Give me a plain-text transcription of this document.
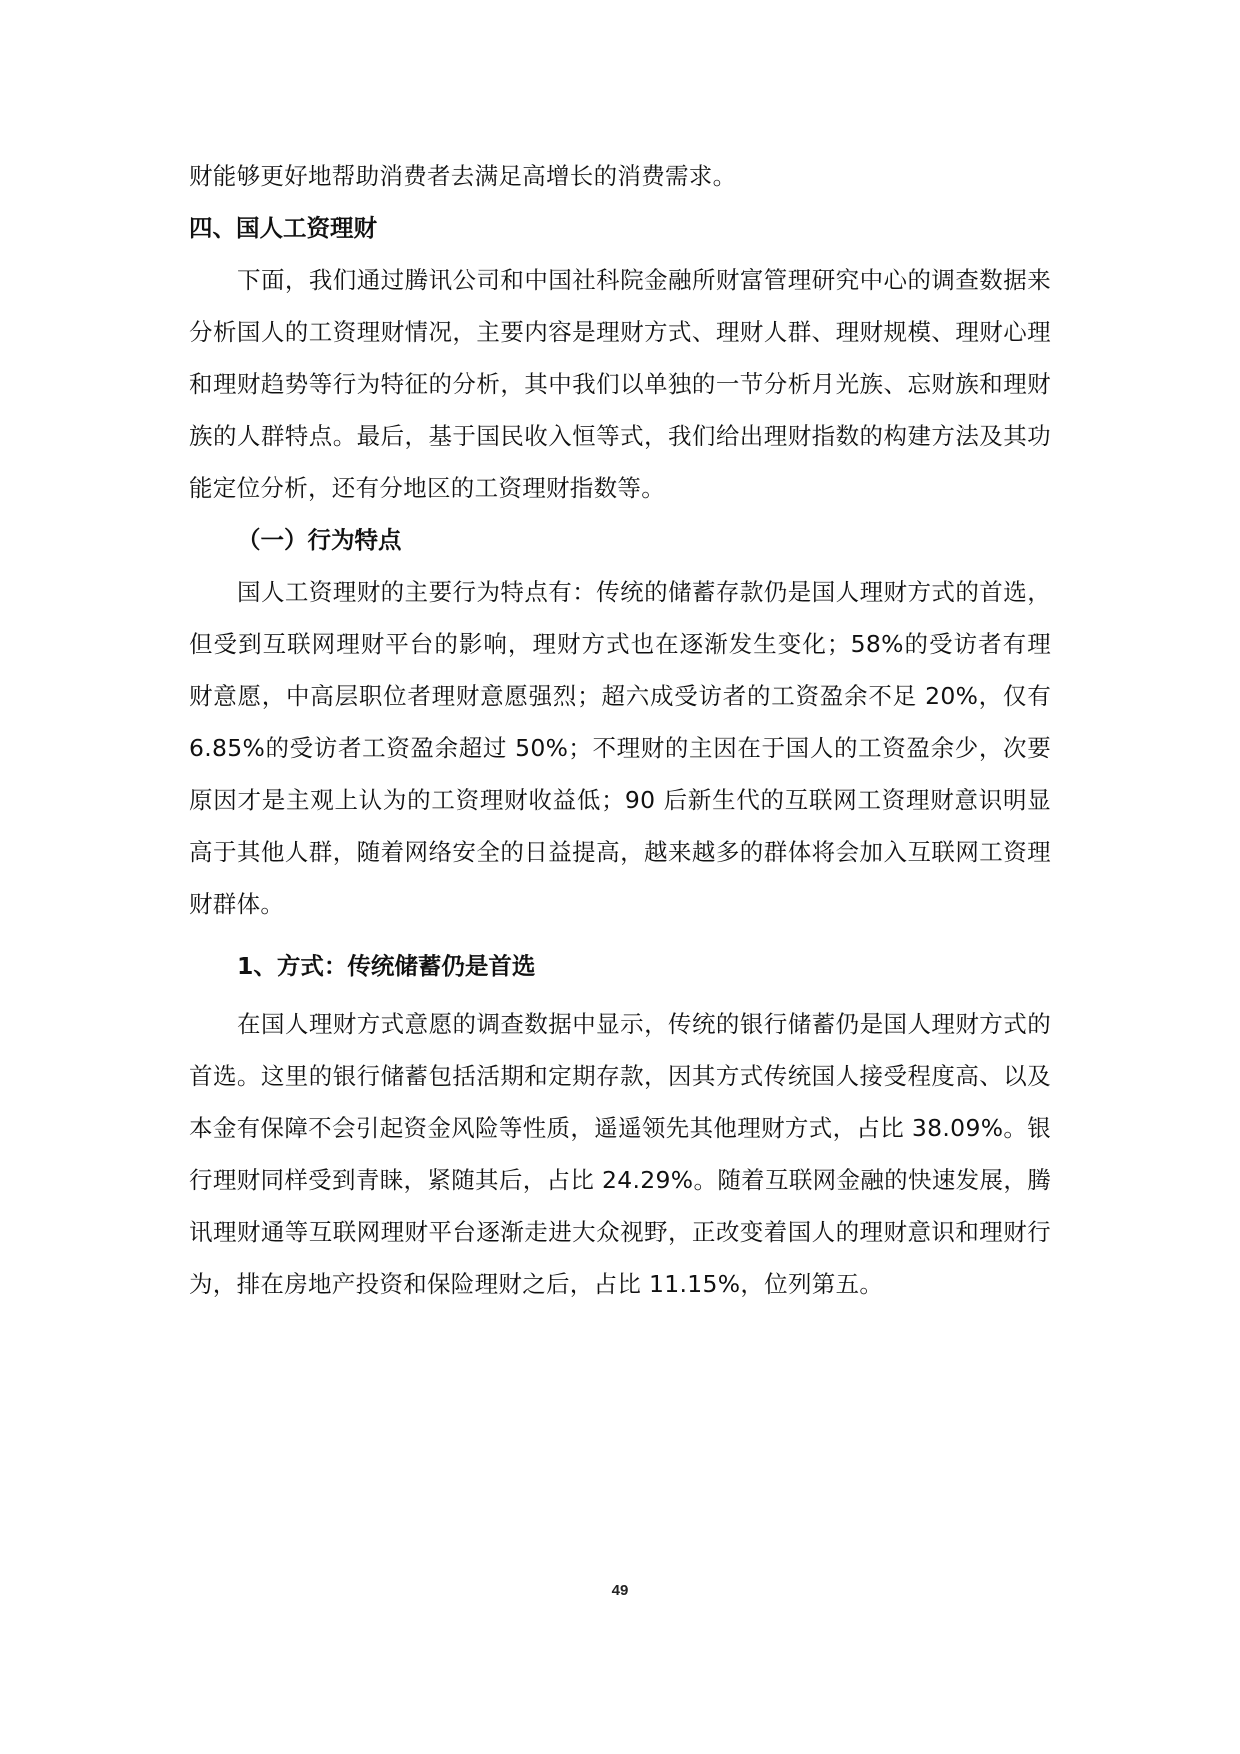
财能够更好地帮助消费者去满足高增长的消费需求。

四、国人工资理财

下面，我们通过腾讯公司和中国社科院金融所财富管理研究中心的调查数据来分析国人的工资理财情况，主要内容是理财方式、理财人群、理财规模、理财心理和理财趋势等行为特征的分析，其中我们以单独的一节分析月光族、忘财族和理财族的人群特点。最后，基于国民收入恒等式，我们给出理财指数的构建方法及其功能定位分析，还有分地区的工资理财指数等。

（一）行为特点

国人工资理财的主要行为特点有：传统的储蓄存款仍是国人理财方式的首选，但受到互联网理财平台的影响，理财方式也在逐渐发生变化；58%的受访者有理财意愿，中高层职位者理财意愿强烈；超六成受访者的工资盈余不足 20%，仅有 6.85%的受访者工资盈余超过 50%；不理财的主因在于国人的工资盈余少，次要原因才是主观上认为的工资理财收益低；90 后新生代的互联网工资理财意识明显高于其他人群，随着网络安全的日益提高，越来越多的群体将会加入互联网工资理财群体。

1、方式：传统储蓄仍是首选

在国人理财方式意愿的调查数据中显示，传统的银行储蓄仍是国人理财方式的首选。这里的银行储蓄包括活期和定期存款，因其方式传统国人接受程度高、以及本金有保障不会引起资金风险等性质，遥遥领先其他理财方式，占比 38.09%。银行理财同样受到青睐，紧随其后，占比 24.29%。随着互联网金融的快速发展，腾讯理财通等互联网理财平台逐渐走进大众视野，正改变着国人的理财意识和理财行为，排在房地产投资和保险理财之后，占比 11.15%，位列第五。

49
